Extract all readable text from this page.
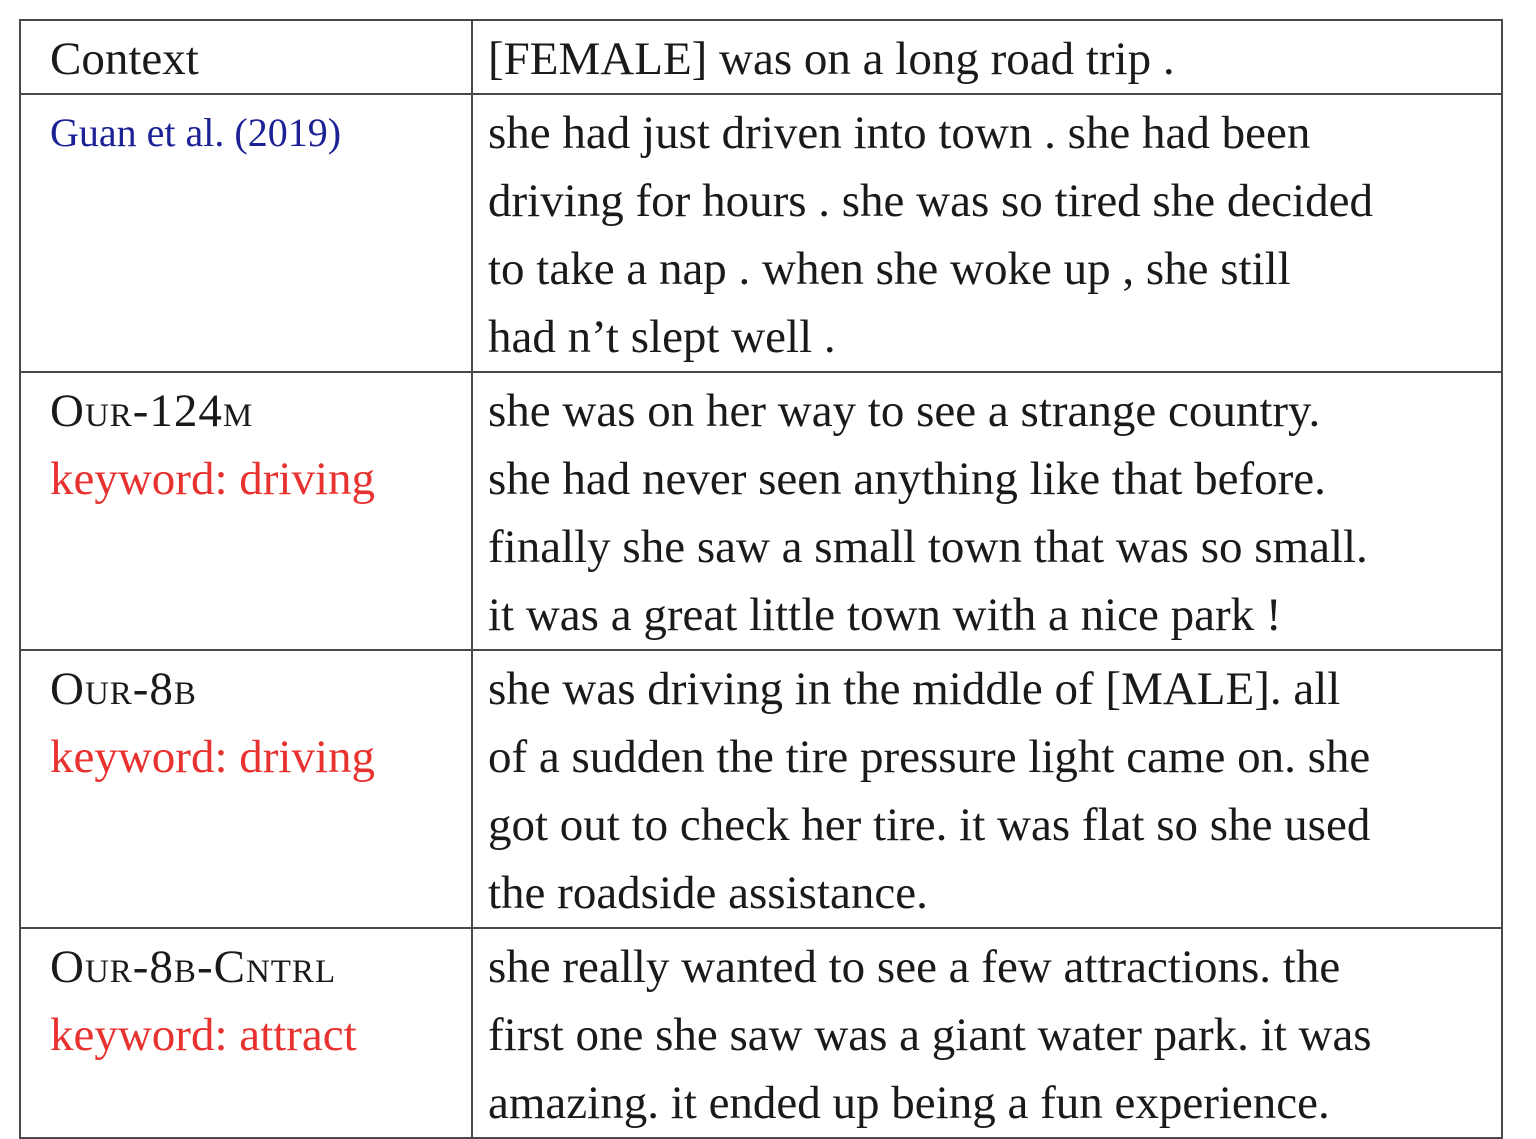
Context	[FEMALE] was on a long road trip .

Guan et al. (2019)	she had just driven into town . she had been
driving for hours . she was so tired she decided
to take a nap . when she woke up , she still
had n’t slept well .

Our-124m
keyword: driving	she was on her way to see a strange country.
she had never seen anything like that before.
finally she saw a small town that was so small.
it was a great little town with a nice park !

Our-8b
keyword: driving	she was driving in the middle of [MALE]. all
of a sudden the tire pressure light came on. she
got out to check her tire. it was flat so she used
the roadside assistance.

Our-8b-Cntrl
keyword: attract	she really wanted to see a few attractions. the
first one she saw was a giant water park. it was
amazing. it ended up being a fun experience.
